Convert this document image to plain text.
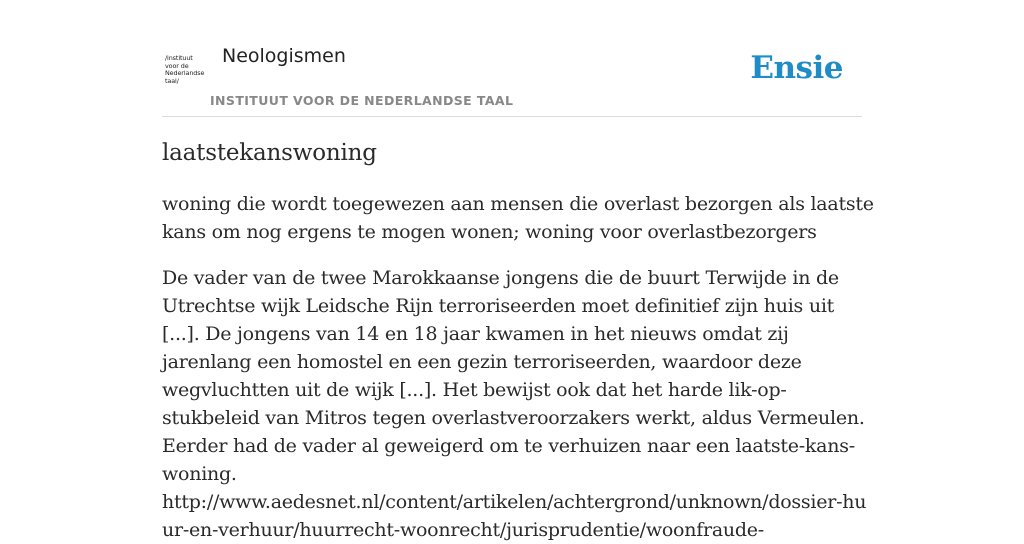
/instituut
voor de
Nederlandse
taal/
Neologismen
INSTITUUT VOOR DE NEDERLANDSE TAAL
Ensie
laatstekanswoning

woning die wordt toegewezen aan mensen die overlast bezorgen als laatste kans om nog ergens te mogen wonen; woning voor overlastbezorgers

De vader van de twee Marokkaanse jongens die de buurt Terwijde in de Utrechtse wijk Leidsche Rijn terroriseerden moet definitief zijn huis uit [...]. De jongens van 14 en 18 jaar kwamen in het nieuws omdat zij jarenlang een homostel en een gezin terroriseerden, waardoor deze wegvluchtten uit de wijk [...]. Het bewijst ook dat het harde lik-op-stukbeleid van Mitros tegen overlastveroorzakers werkt, aldus Vermeulen. Eerder had de vader al geweigerd om te verhuizen naar een laatste-kans-woning.
http://www.aedesnet.nl/content/artikelen/achtergrond/unknown/dossier-huur-en-verhuur/huurrecht-woonrecht/jurisprudentie/woonfraude-
